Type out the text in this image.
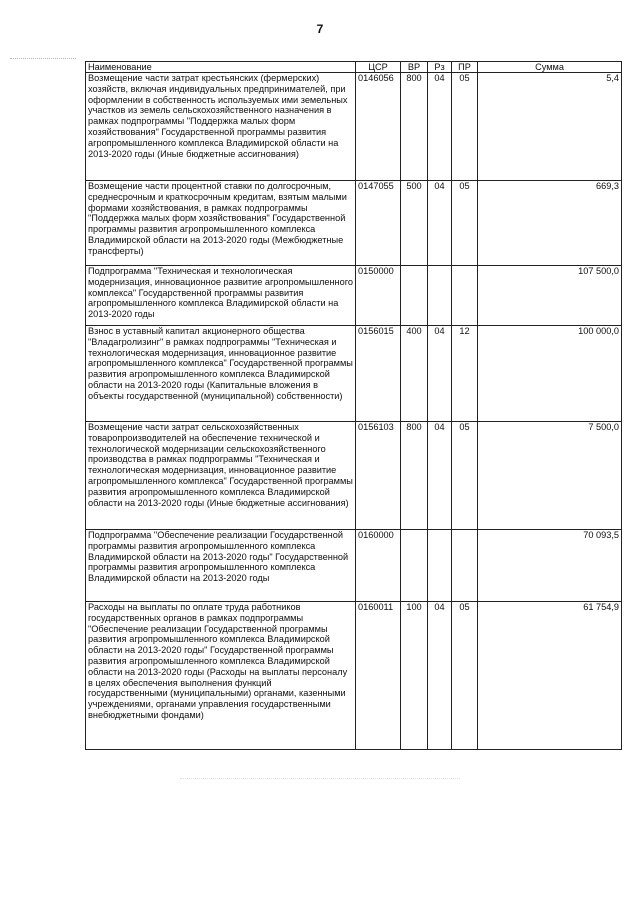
7
Наименование	ЦСР	ВР	Рз	ПР	Сумма
Возмещение части затрат крестьянских (фермерских) хозяйств, включая индивидуальных предпринимателей, при оформлении в собственность используемых ими земельных участков из земель сельскохозяйственного назначения в рамках подпрограммы "Поддержка малых форм хозяйствования" Государственной программы развития агропромышленного комплекса Владимирской области на 2013-2020 годы (Иные бюджетные ассигнования)	0146056	800	04	05	5,4
Возмещение части процентной ставки по долгосрочным, среднесрочным и краткосрочным кредитам, взятым малыми формами хозяйствования, в рамках подпрограммы "Поддержка малых форм хозяйствования" Государственной программы развития агропромышленного комплекса Владимирской области на 2013-2020 годы (Межбюджетные трансферты)	0147055	500	04	05	669,3
Подпрограмма "Техническая и технологическая модернизация, инновационное развитие агропромышленного комплекса" Государственной программы развития агропромышленного комплекса Владимирской области на 2013-2020 годы	0150000				107 500,0
Взнос в уставный капитал акционерного общества "Владагролизинг" в рамках подпрограммы "Техническая и технологическая модернизация, инновационное развитие агропромышленного комплекса" Государственной программы развития агропромышленного комплекса Владимирской области на 2013-2020 годы (Капитальные вложения в объекты государственной (муниципальной) собственности)	0156015	400	04	12	100 000,0
Возмещение части затрат сельскохозяйственных товаропроизводителей на обеспечение технической и технологической модернизации сельскохозяйственного производства в рамках подпрограммы "Техническая и технологическая модернизация, инновационное развитие агропромышленного комплекса" Государственной программы развития агропромышленного комплекса Владимирской области на 2013-2020 годы (Иные бюджетные ассигнования)	0156103	800	04	05	7 500,0
Подпрограмма "Обеспечение реализации Государственной программы развития агропромышленного комплекса Владимирской области на 2013-2020 годы" Государственной программы развития агропромышленного комплекса Владимирской области на 2013-2020 годы	0160000				70 093,5
Расходы на выплаты по оплате труда работников государственных органов в рамках подпрограммы "Обеспечение реализации Государственной программы развития агропромышленного комплекса Владимирской области на 2013-2020 годы" Государственной программы развития агропромышленного комплекса Владимирской области на 2013-2020 годы (Расходы на выплаты персоналу в целях обеспечения выполнения функций государственными (муниципальными) органами, казенными учреждениями, органами управления государственными внебюджетными фондами)	0160011	100	04	05	61 754,9
